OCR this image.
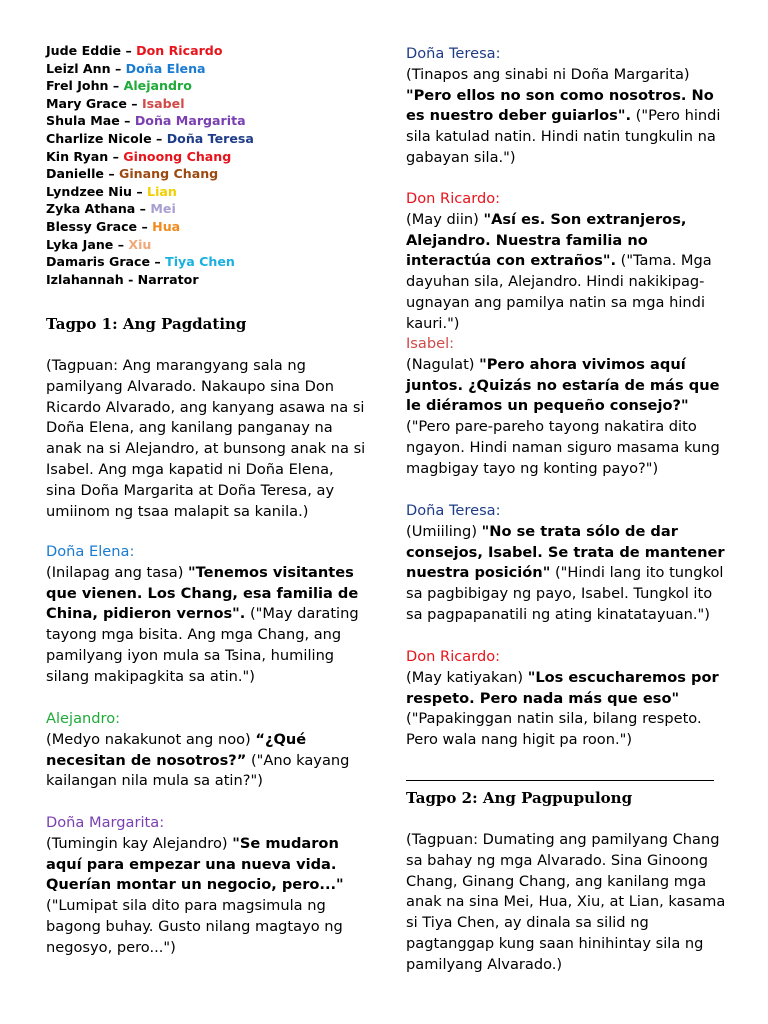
Jude Eddie – Don Ricardo
Leizl Ann – Doña Elena
Frel John – Alejandro
Mary Grace – Isabel
Shula Mae – Doña Margarita
Charlize Nicole – Doña Teresa
Kin Ryan – Ginoong Chang
Danielle – Ginang Chang
Lyndzee Niu – Lian
Zyka Athana – Mei
Blessy Grace – Hua
Lyka Jane – Xiu
Damaris Grace – Tiya Chen
Izlahannah - Narrator
Tagpo 1: Ang Pagdating
(Tagpuan: Ang marangyang sala ng pamilyang Alvarado. Nakaupo sina Don Ricardo Alvarado, ang kanyang asawa na si Doña Elena, ang kanilang panganay na anak na si Alejandro, at bunsong anak na si Isabel. Ang mga kapatid ni Doña Elena, sina Doña Margarita at Doña Teresa, ay umiinom ng tsaa malapit sa kanila.)
Doña Elena:
(Inilapag ang tasa) "Tenemos visitantes que vienen. Los Chang, esa familia de China, pidieron vernos". ("May darating tayong mga bisita. Ang mga Chang, ang pamilyang iyon mula sa Tsina, humiling silang makipagkita sa atin.")
Alejandro:
(Medyo nakakunot ang noo) “¿Qué necesitan de nosotros?” ("Ano kayang kailangan nila mula sa atin?")
Doña Margarita:
(Tumingin kay Alejandro) "Se mudaron aquí para empezar una nueva vida. Querían montar un negocio, pero..." ("Lumipat sila dito para magsimula ng bagong buhay. Gusto nilang magtayo ng negosyo, pero...")
Doña Teresa:
(Tinapos ang sinabi ni Doña Margarita) "Pero ellos no son como nosotros. No es nuestro deber guiarlos". ("Pero hindi sila katulad natin. Hindi natin tungkulin na gabayan sila.")
Don Ricardo:
(May diin) "Así es. Son extranjeros, Alejandro. Nuestra familia no interactúa con extraños". ("Tama. Mga dayuhan sila, Alejandro. Hindi nakikipag-ugnayan ang pamilya natin sa mga hindi kauri.")
Isabel:
(Nagulat) "Pero ahora vivimos aquí juntos. ¿Quizás no estaría de más que le diéramos un pequeño consejo?" ("Pero pare-pareho tayong nakatira dito ngayon. Hindi naman siguro masama kung magbigay tayo ng konting payo?")
Doña Teresa:
(Umiiling) "No se trata sólo de dar consejos, Isabel. Se trata de mantener nuestra posición" ("Hindi lang ito tungkol sa pagbibigay ng payo, Isabel. Tungkol ito sa pagpapanatili ng ating kinatatayuan.")
Don Ricardo:
(May katiyakan) "Los escucharemos por respeto. Pero nada más que eso" ("Papakinggan natin sila, bilang respeto. Pero wala nang higit pa roon.")
Tagpo 2: Ang Pagpupulong
(Tagpuan: Dumating ang pamilyang Chang sa bahay ng mga Alvarado. Sina Ginoong Chang, Ginang Chang, ang kanilang mga anak na sina Mei, Hua, Xiu, at Lian, kasama si Tiya Chen, ay dinala sa silid ng pagtanggap kung saan hinihintay sila ng pamilyang Alvarado.)
